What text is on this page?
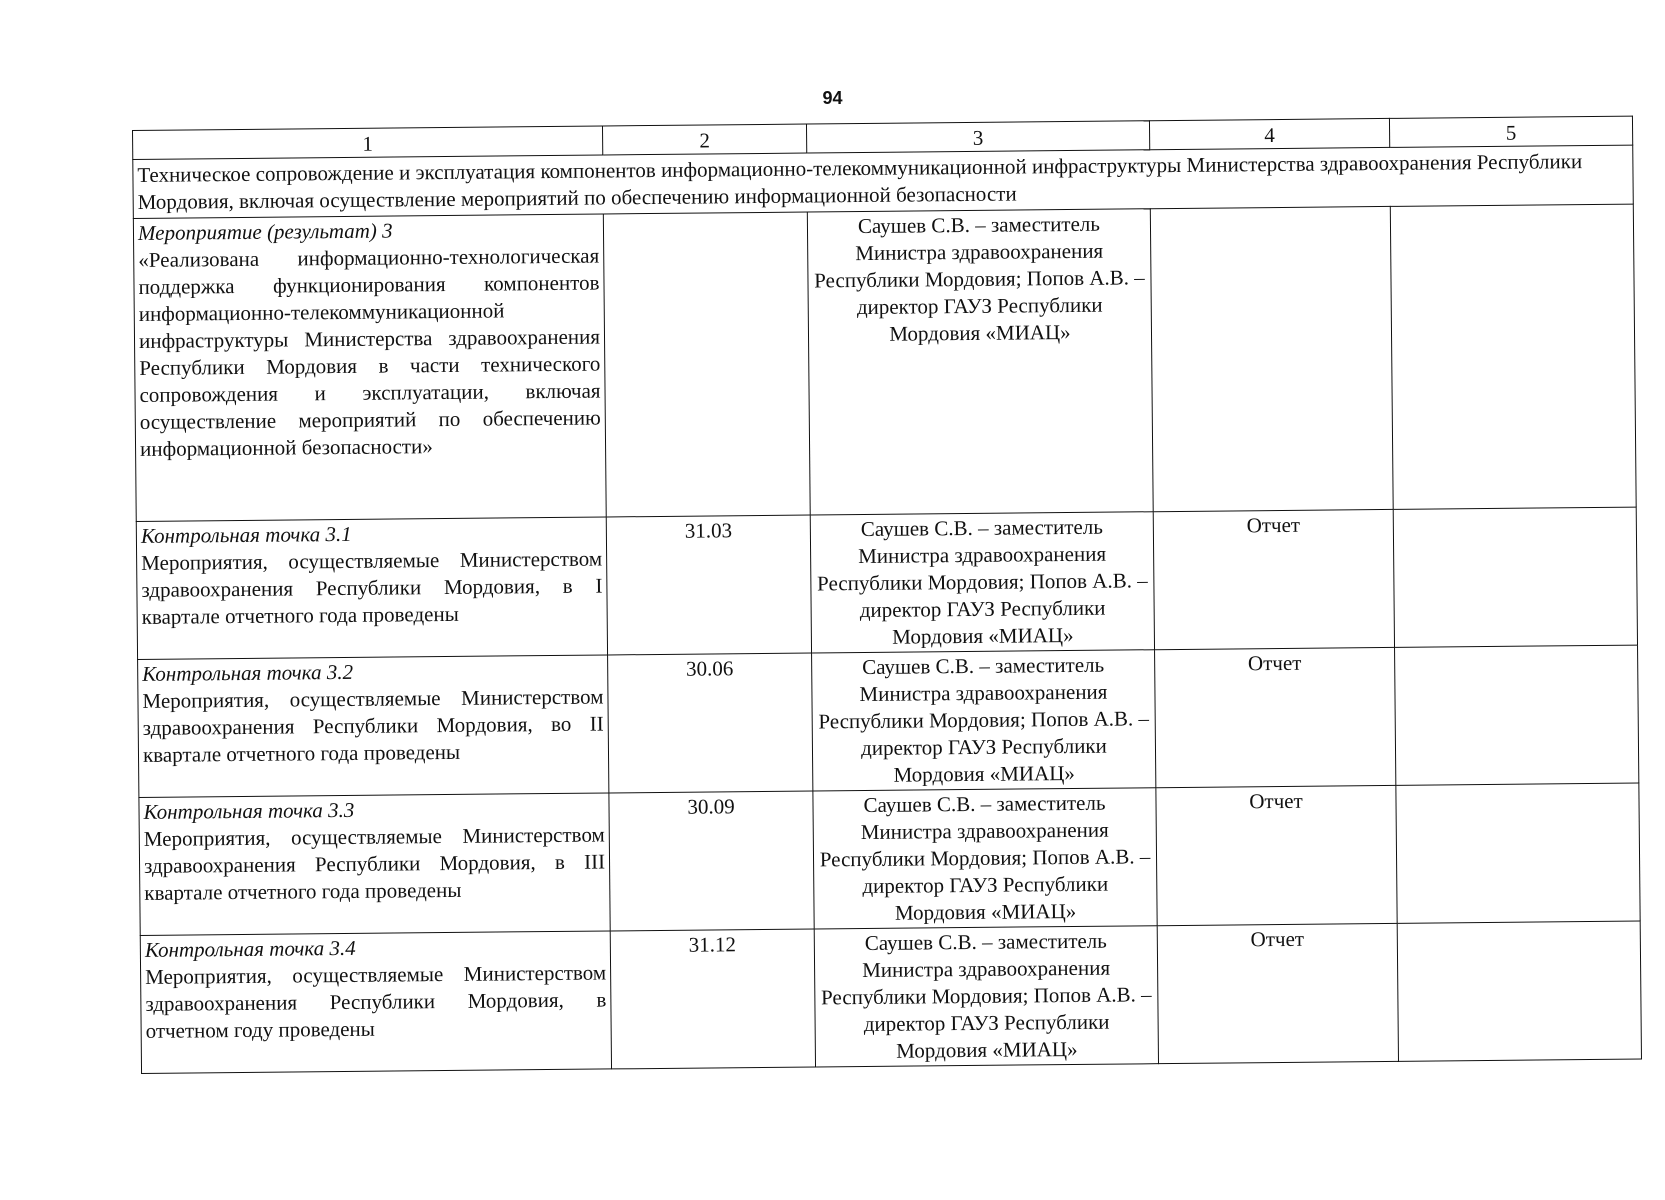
94
1	2	3	4	5
Техническое сопровождение и эксплуатация компонентов информационно-телекоммуникационной инфраструктуры Министерства здравоохранения Республики Мордовия, включая осуществление мероприятий по обеспечению информационной безопасности				

Мероприятие (результат) 3
«Реализована информационно-технологическая поддержка функционирования компонентов информационно-телекоммуникационной инфраструктуры Министерства здравоохранения Республики Мордовия в части технического сопровождения и эксплуатации, включая осуществление мероприятий по обеспечению информационной безопасности»		Саушев С.В. – заместитель Министра здравоохранения Республики Мордовия; Попов А.В. – директор ГАУЗ Республики Мордовия «МИАЦ»		

Контрольная точка 3.1
Мероприятия, осуществляемые Министерством здравоохранения Республики Мордовия, в I квартале отчетного года проведены	31.03	Саушев С.В. – заместитель Министра здравоохранения Республики Мордовия; Попов А.В. – директор ГАУЗ Республики Мордовия «МИАЦ»	Отчет	

Контрольная точка 3.2
Мероприятия, осуществляемые Министерством здравоохранения Республики Мордовия, во II квартале отчетного года проведены	30.06	Саушев С.В. – заместитель Министра здравоохранения Республики Мордовия; Попов А.В. – директор ГАУЗ Республики Мордовия «МИАЦ»	Отчет	

Контрольная точка 3.3
Мероприятия, осуществляемые Министерством здравоохранения Республики Мордовия, в III квартале отчетного года проведены	30.09	Саушев С.В. – заместитель Министра здравоохранения Республики Мордовия; Попов А.В. – директор ГАУЗ Республики Мордовия «МИАЦ»	Отчет	

Контрольная точка 3.4
Мероприятия, осуществляемые Министерством здравоохранения Республики Мордовия, в отчетном году проведены	31.12	Саушев С.В. – заместитель Министра здравоохранения Республики Мордовия; Попов А.В. – директор ГАУЗ Республики Мордовия «МИАЦ»	Отчет	
